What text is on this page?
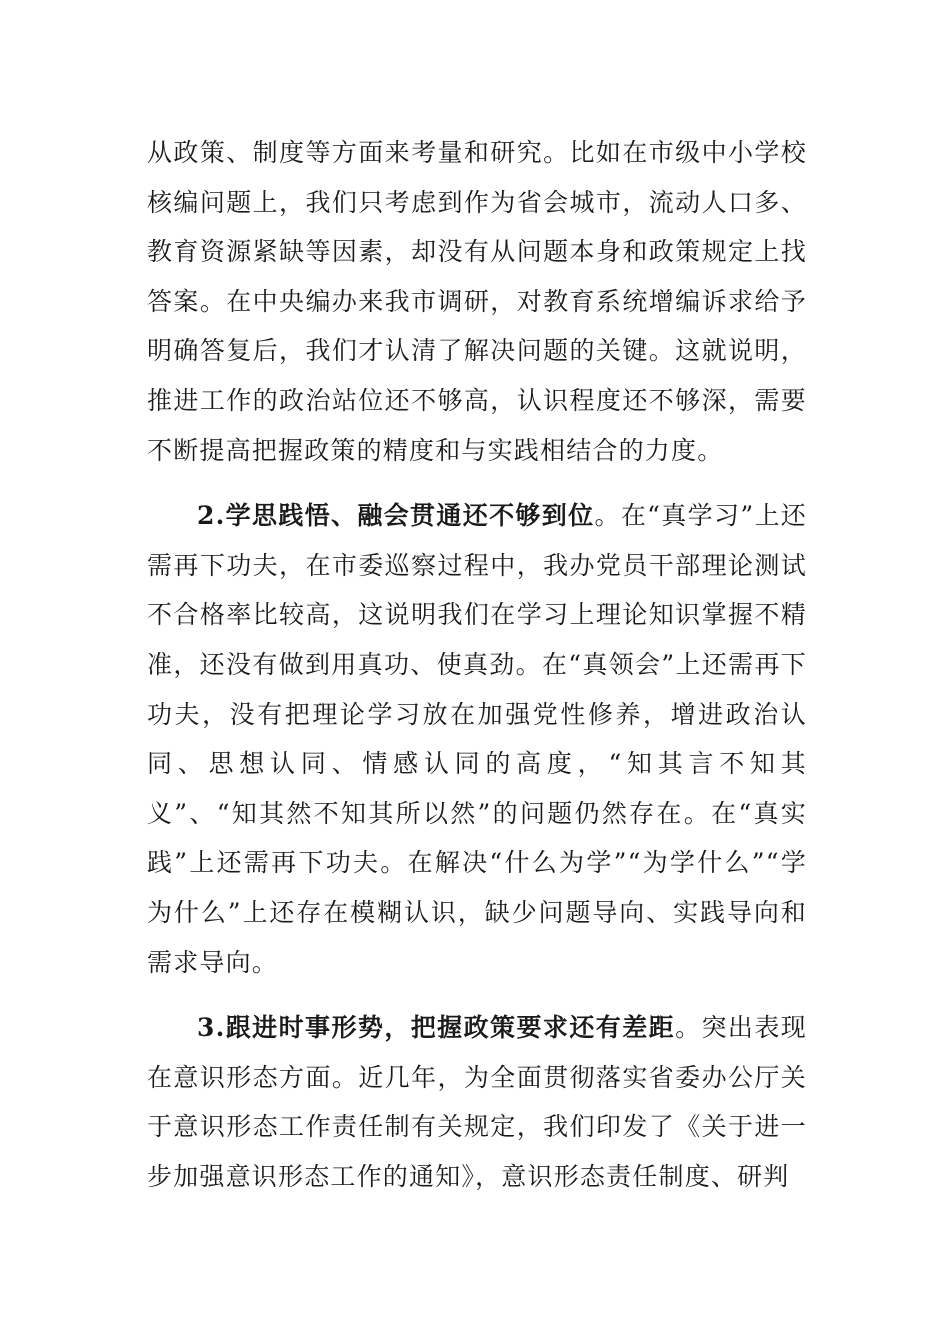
从政策、制度等方面来考量和研究。比如在市级中小学校核编问题上，我们只考虑到作为省会城市，流动人口多、教育资源紧缺等因素，却没有从问题本身和政策规定上找答案。在中央编办来我市调研，对教育系统增编诉求给予明确答复后，我们才认清了解决问题的关键。这就说明，推进工作的政治站位还不够高，认识程度还不够深，需要不断提高把握政策的精度和与实践相结合的力度。

2.学思践悟、融会贯通还不够到位。在“真学习”上还需再下功夫，在市委巡察过程中，我办党员干部理论测试不合格率比较高，这说明我们在学习上理论知识掌握不精准，还没有做到用真功、使真劲。在“真领会”上还需再下功夫，没有把理论学习放在加强党性修养，增进政治认同、思想认同、情感认同的高度，“知其言不知其义”、“知其然不知其所以然”的问题仍然存在。在“真实践”上还需再下功夫。在解决“什么为学”“为学什么”“学为什么”上还存在模糊认识，缺少问题导向、实践导向和需求导向。

3.跟进时事形势，把握政策要求还有差距。突出表现在意识形态方面。近几年，为全面贯彻落实省委办公厅关于意识形态工作责任制有关规定，我们印发了《关于进一步加强意识形态工作的通知》，意识形态责任制度、研判
